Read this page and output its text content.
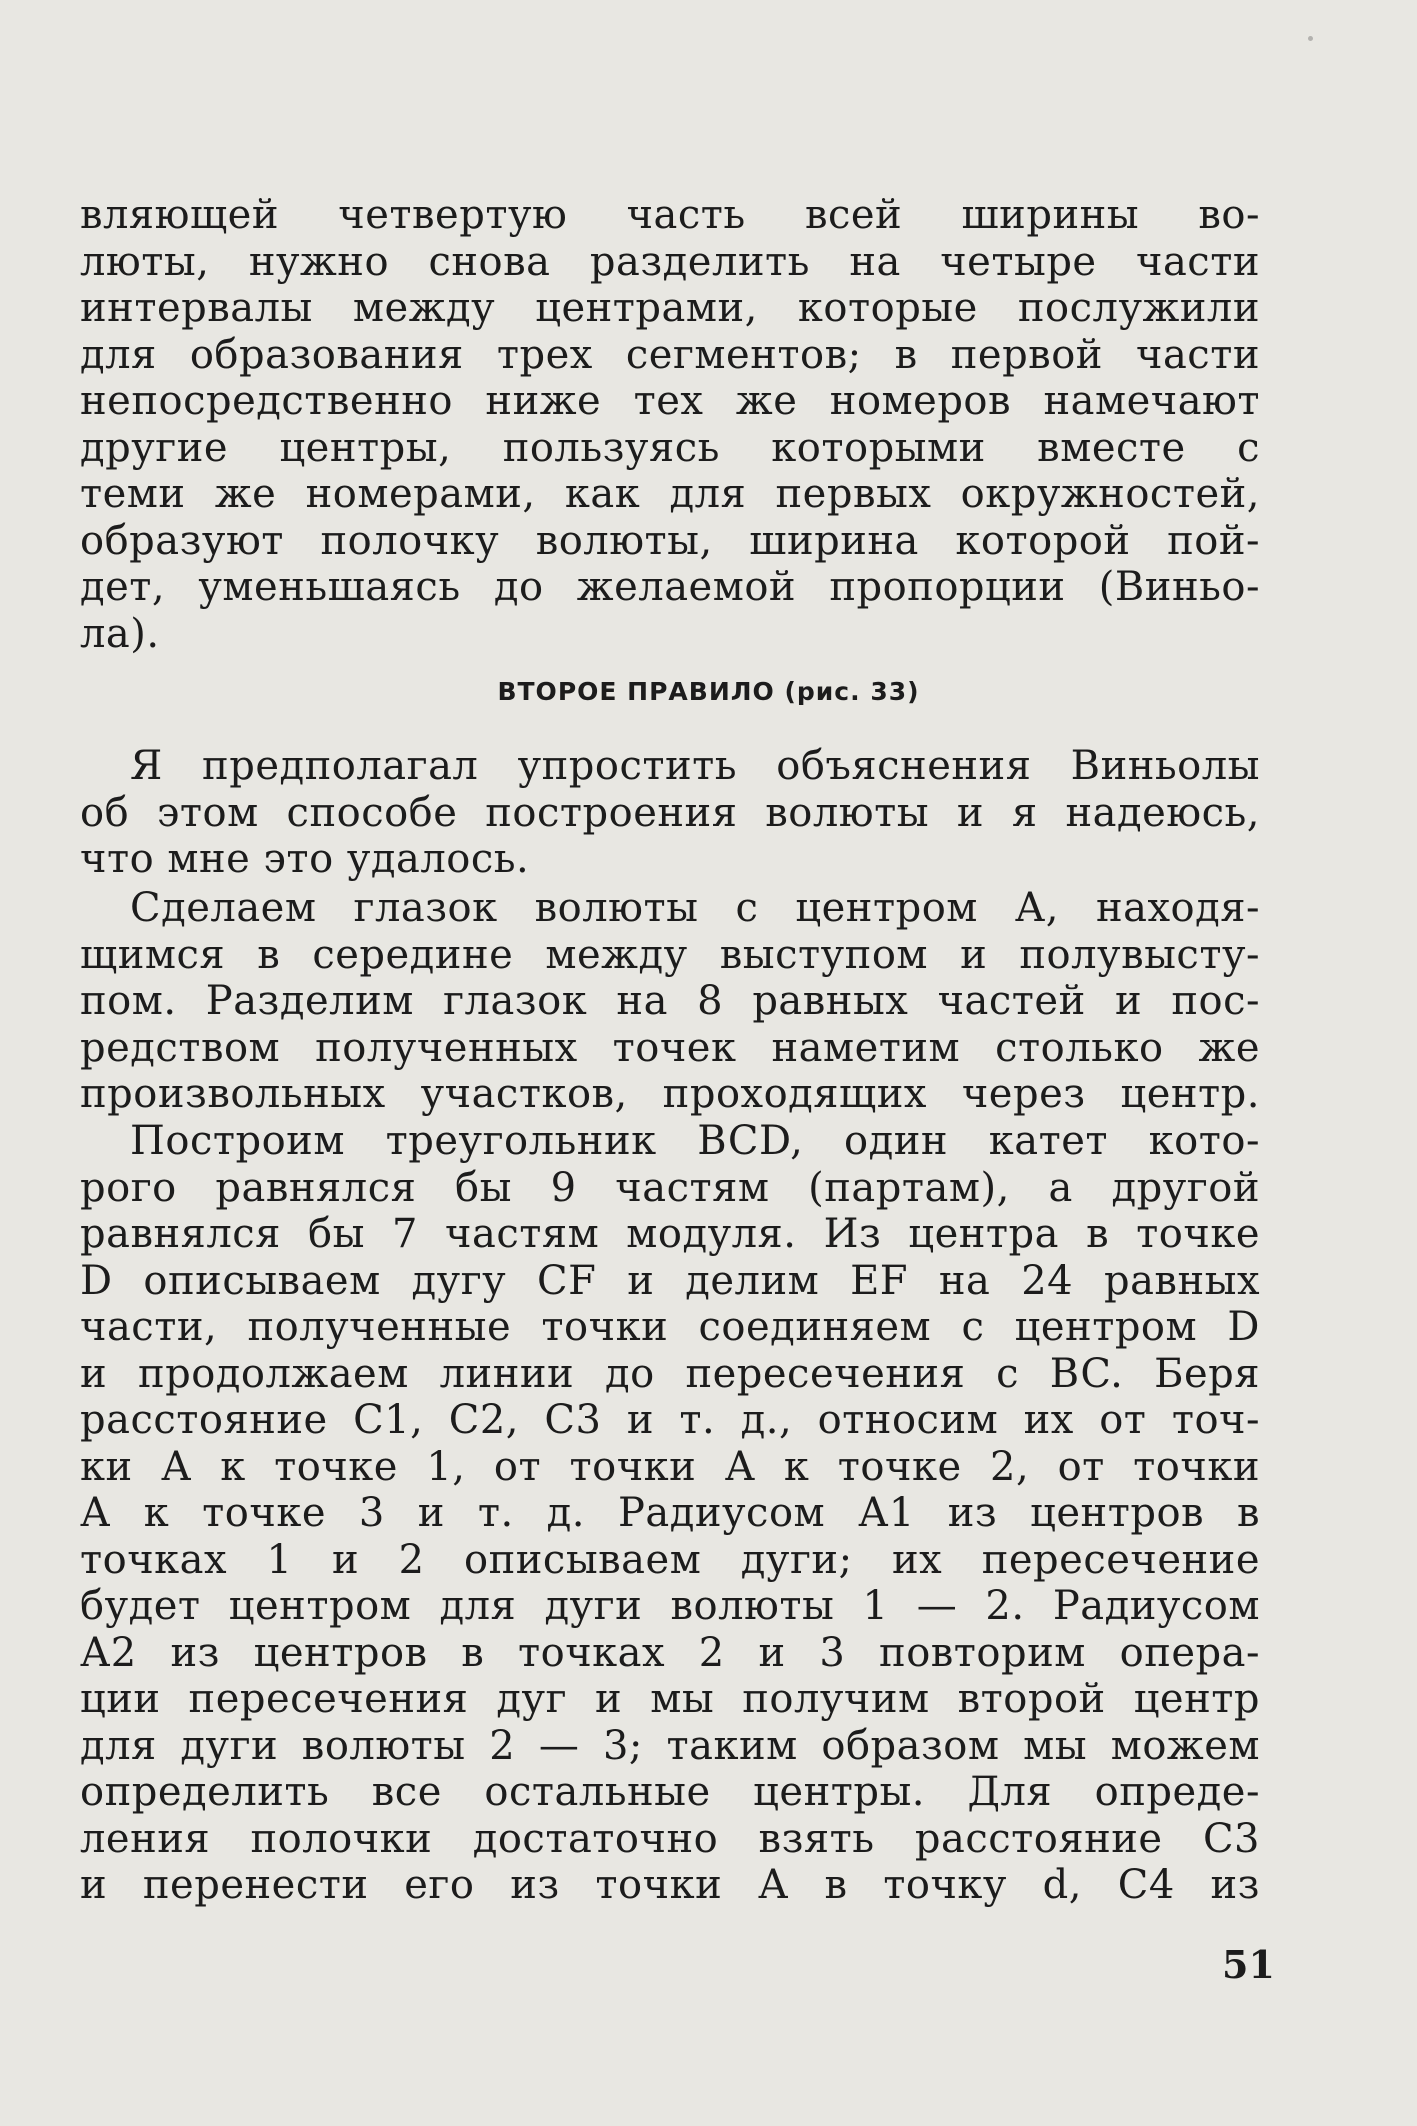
вляющей четвертую часть всей ширины во-
люты, нужно снова разделить на четыре части
интервалы между центрами, которые послужили
для образования трех сегментов; в первой части
непосредственно ниже тех же номеров намечают
другие центры, пользуясь которыми вместе с
теми же номерами, как для первых окружностей,
образуют полочку волюты, ширина которой пой-
дет, уменьшаясь до желаемой пропорции (Виньо-
ла).
ВТОРОЕ ПРАВИЛО (рис. 33)
Я предполагал упростить объяснения Виньолы
об этом способе построения волюты и я надеюсь,
что мне это удалось.
Сделаем глазок волюты с центром А, находя-
щимся в середине между выступом и полувысту-
пом. Разделим глазок на 8 равных частей и пос-
редством полученных точек наметим столько же
произвольных участков, проходящих через центр.
Построим треугольник BCD, один катет кото-
рого равнялся бы 9 частям (партам), а другой
равнялся бы 7 частям модуля. Из центра в точке
D описываем дугу CF и делим EF на 24 равных
части, полученные точки соединяем с центром D
и продолжаем линии до пересечения с BC. Беря
расстояние C1, C2, C3 и т. д., относим их от точ-
ки А к точке 1, от точки А к точке 2, от точки
А к точке 3 и т. д. Радиусом А1 из центров в
точках 1 и 2 описываем дуги; их пересечение
будет центром для дуги волюты 1 — 2. Радиусом
А2 из центров в точках 2 и 3 повторим опера-
ции пересечения дуг и мы получим второй центр
для дуги волюты 2 — 3; таким образом мы можем
определить все остальные центры. Для опреде-
ления полочки достаточно взять расстояние С3
и перенести его из точки А в точку d, С4 из
51
